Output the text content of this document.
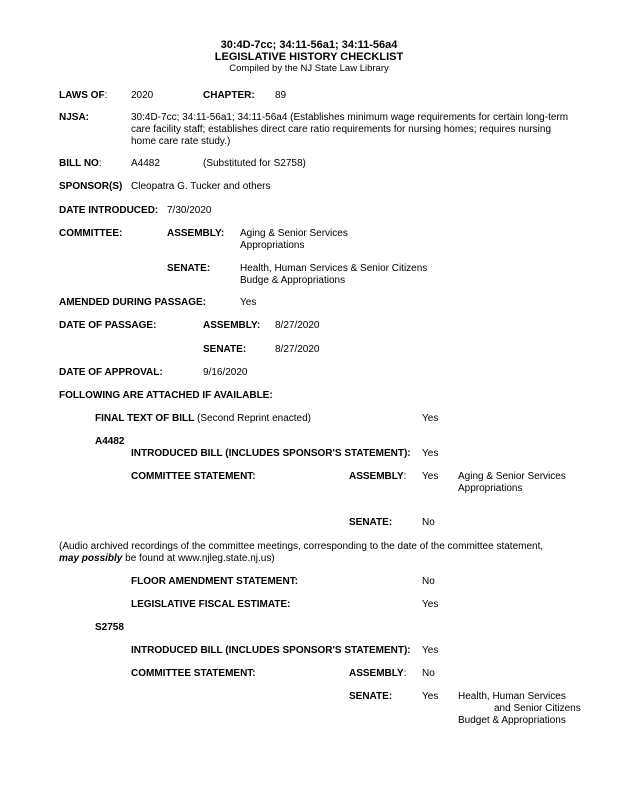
30:4D-7cc; 34:11-56a1; 34:11-56a4
LEGISLATIVE HISTORY CHECKLIST
Compiled by the NJ State Law Library
LAWS OF: 2020	CHAPTER: 89
NJSA:	30:4D-7cc; 34:11-56a1; 34:11-56a4 (Establishes minimum wage requirements for certain long-term care facility staff; establishes direct care ratio requirements for nursing homes; requires nursing home care rate study.)
BILL NO:	A4482	(Substituted for S2758)
SPONSOR(S) Cleopatra G. Tucker and others
DATE INTRODUCED: 7/30/2020
COMMITTEE:	ASSEMBLY: Aging & Senior Services
Appropriations
SENATE:	Health, Human Services & Senior Citizens
Budge & Appropriations
AMENDED DURING PASSAGE:	Yes
DATE OF PASSAGE:	ASSEMBLY: 8/27/2020
SENATE:	8/27/2020
DATE OF APPROVAL:	9/16/2020
FOLLOWING ARE ATTACHED IF AVAILABLE:
FINAL TEXT OF BILL (Second Reprint enacted)	Yes
A4482
INTRODUCED BILL (INCLUDES SPONSOR'S STATEMENT): Yes
COMMITTEE STATEMENT:	ASSEMBLY: Yes Aging & Senior Services
Appropriations
SENATE:	No
(Audio archived recordings of the committee meetings, corresponding to the date of the committee statement, may possibly be found at www.njleg.state.nj.us)
FLOOR AMENDMENT STATEMENT:	No
LEGISLATIVE FISCAL ESTIMATE:	Yes
S2758
INTRODUCED BILL (INCLUDES SPONSOR'S STATEMENT): Yes
COMMITTEE STATEMENT:	ASSEMBLY: No
SENATE:	Yes Health, Human Services
and Senior Citizens
Budget & Appropriations
